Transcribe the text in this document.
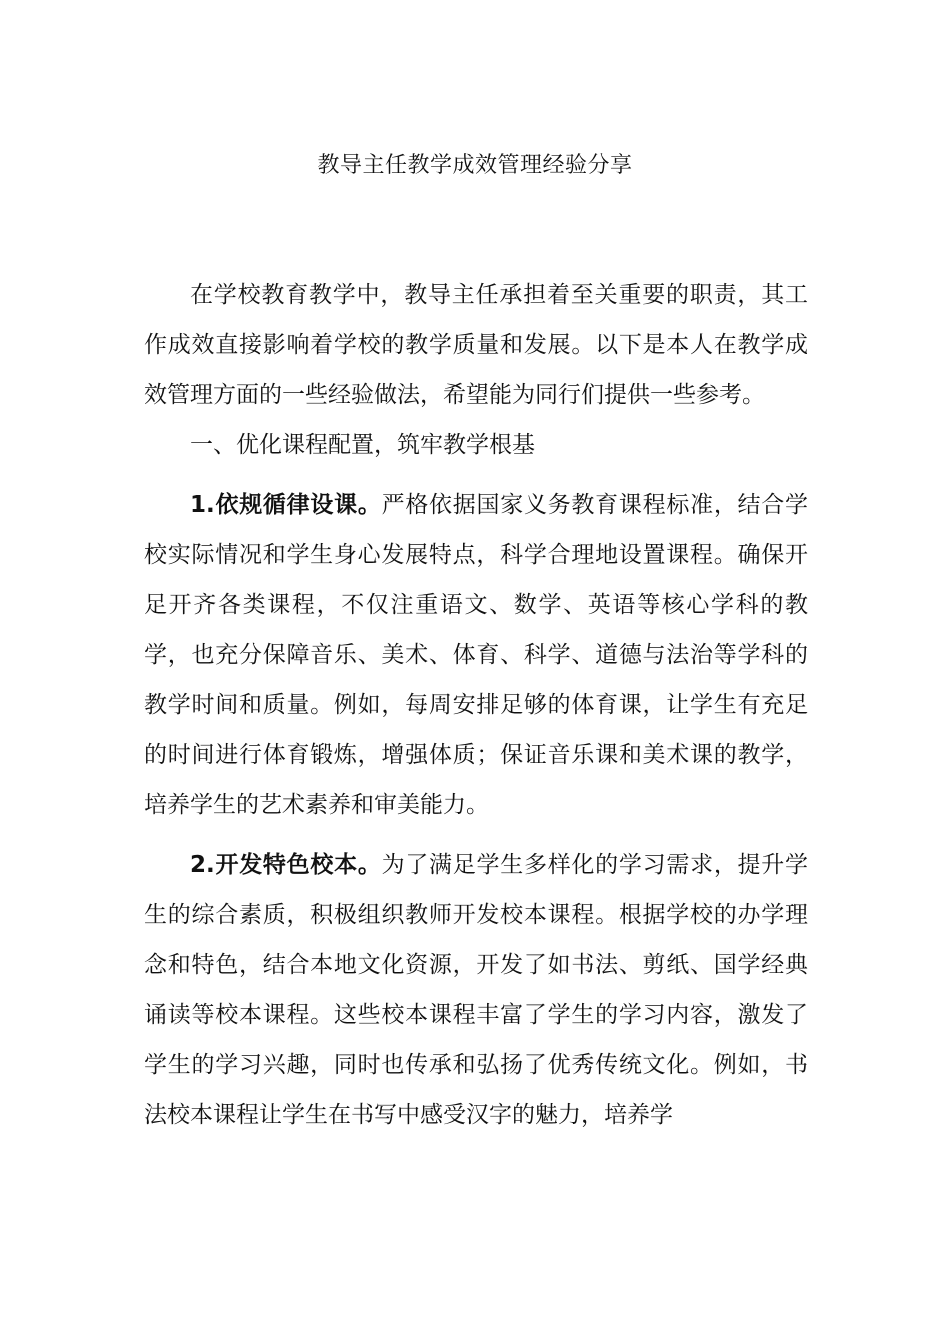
教导主任教学成效管理经验分享

在学校教育教学中，教导主任承担着至关重要的职责，其工作成效直接影响着学校的教学质量和发展。以下是本人在教学成效管理方面的一些经验做法，希望能为同行们提供一些参考。

一、优化课程配置，筑牢教学根基

1.依规循律设课。严格依据国家义务教育课程标准，结合学校实际情况和学生身心发展特点，科学合理地设置课程。确保开足开齐各类课程，不仅注重语文、数学、英语等核心学科的教学，也充分保障音乐、美术、体育、科学、道德与法治等学科的教学时间和质量。例如，每周安排足够的体育课，让学生有充足的时间进行体育锻炼，增强体质；保证音乐课和美术课的教学，培养学生的艺术素养和审美能力。

2.开发特色校本。为了满足学生多样化的学习需求，提升学生的综合素质，积极组织教师开发校本课程。根据学校的办学理念和特色，结合本地文化资源，开发了如书法、剪纸、国学经典诵读等校本课程。这些校本课程丰富了学生的学习内容，激发了学生的学习兴趣，同时也传承和弘扬了优秀传统文化。例如，书法校本课程让学生在书写中感受汉字的魅力，培养学
